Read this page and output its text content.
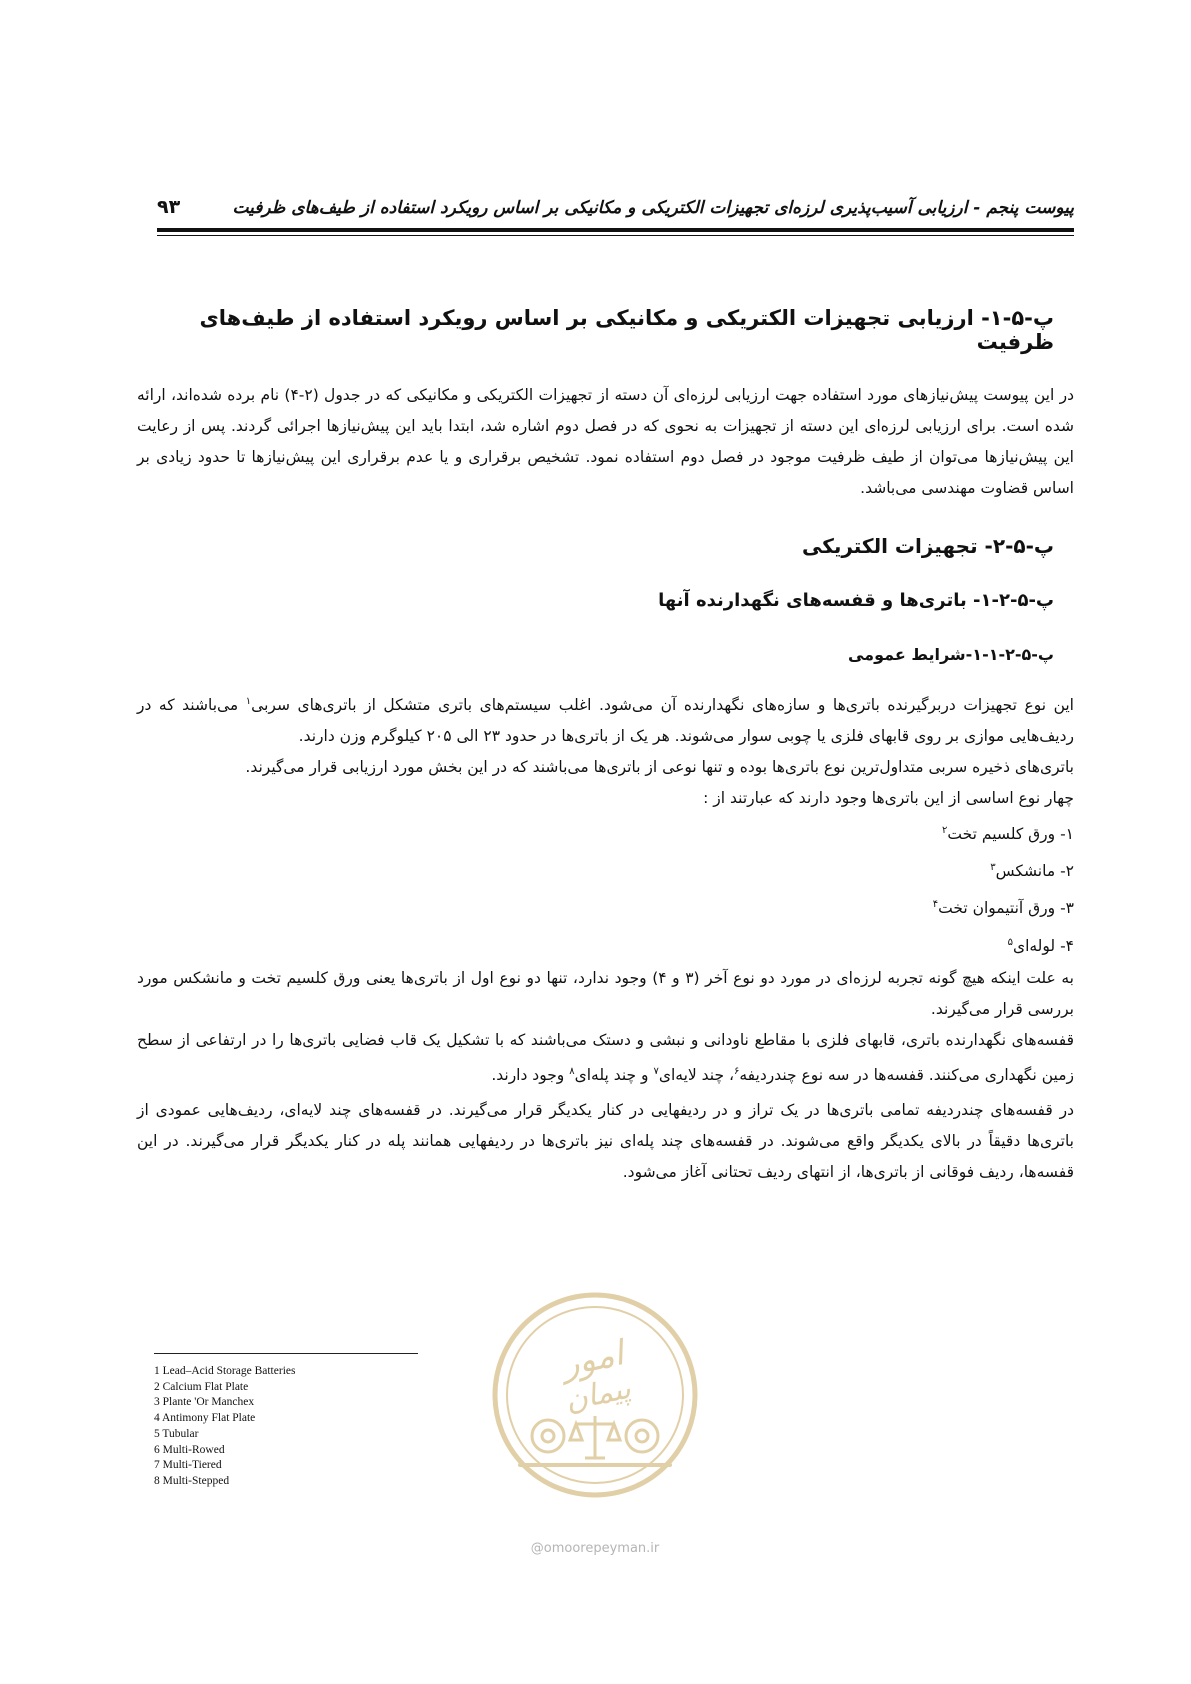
پیوست پنجم - ارزیابی آسیب‌پذیری لرزه‌ای تجهیزات الکتریکی و مکانیکی بر اساس رویکرد استفاده از طیف‌های ظرفیت
۹۳
پ-۵-۱- ارزیابی تجهیزات الکتریکی و مکانیکی بر اساس رویکرد استفاده از طیف‌های ظرفیت

در این پیوست پیش‌نیازهای مورد استفاده جهت ارزیابی لرزه‌ای آن دسته از تجهیزات الکتریکی و مکانیکی که در جدول (۲-۴) نام برده شده‌اند، ارائه شده است. برای ارزیابی لرزه‌ای این دسته از تجهیزات به نحوی که در فصل دوم اشاره شد، ابتدا باید این پیش‌نیازها اجرائی گردند. پس از رعایت این پیش‌نیازها می‌توان از طیف ظرفیت موجود در فصل دوم استفاده نمود. تشخیص برقراری و یا عدم برقراری این پیش‌نیازها تا حدود زیادی بر اساس قضاوت مهندسی می‌باشد.

پ-۵-۲- تجهیزات الکتریکی
پ-۵-۲-۱- باتری‌ها و قفسه‌های نگهدارنده آنها
پ-۵-۲-۱-۱-شرایط عمومی

این نوع تجهیزات دربرگیرنده باتری‌ها و سازه‌های نگهدارنده آن می‌شود. اغلب سیستم‌های باتری متشکل از باتری‌های سربی$^۱$ می‌باشند که در ردیف‌هایی موازی بر روی قابهای فلزی یا چوبی سوار می‌شوند. هر یک از باتری‌ها در حدود ۲۳ الی ۲۰۵ کیلوگرم وزن دارند.

باتری‌های ذخیره سربی متداول‌ترین نوع باتری‌ها بوده و تنها نوعی از باتری‌ها می‌باشند که در این بخش مورد ارزیابی قرار می‌گیرند.

چهار نوع اساسی از این باتری‌ها وجود دارند که عبارتند از :

۱- ورق کلسیم تخت$^۲$
۲- مانشکس$^۳$
۳- ورق آنتیموان تخت$^۴$
۴- لوله‌ای$^۵$

به علت اینکه هیچ گونه تجربه لرزه‌ای در مورد دو نوع آخر (۳ و ۴) وجود ندارد، تنها دو نوع اول از باتری‌ها یعنی ورق کلسیم تخت و مانشکس مورد بررسی قرار می‌گیرند.

قفسه‌های نگهدارنده باتری، قابهای فلزی با مقاطع ناودانی و نبشی و دستک می‌باشند که با تشکیل یک قاب فضایی باتری‌ها را در ارتفاعی از سطح زمین نگهداری می‌کنند. قفسه‌ها در سه نوع چندردیفه$^۶$، چند لایه‌ای$^۷$ و چند پله‌ای$^۸$ وجود دارند.

در قفسه‌های چندردیفه تمامی باتری‌ها در یک تراز و در ردیفهایی در کنار یکدیگر قرار می‌گیرند. در قفسه‌های چند لایه‌ای، ردیف‌هایی عمودی از باتری‌ها دقیقاً در بالای یکدیگر واقع می‌شوند. در قفسه‌های چند پله‌ای نیز باتری‌ها در ردیفهایی همانند پله در کنار یکدیگر قرار می‌گیرند. در این قفسه‌ها، ردیف فوقانی از باتری‌ها، از انتهای ردیف تحتانی آغاز می‌شود.

1 Lead–Acid Storage Batteries
2 Calcium Flat Plate
3 Plante 'Or Manchex
4 Antimony Flat Plate
5 Tubular
6 Multi-Rowed
7 Multi-Tiered
8 Multi-Stepped
امور
پیمان
@omoorepeyman.ir
